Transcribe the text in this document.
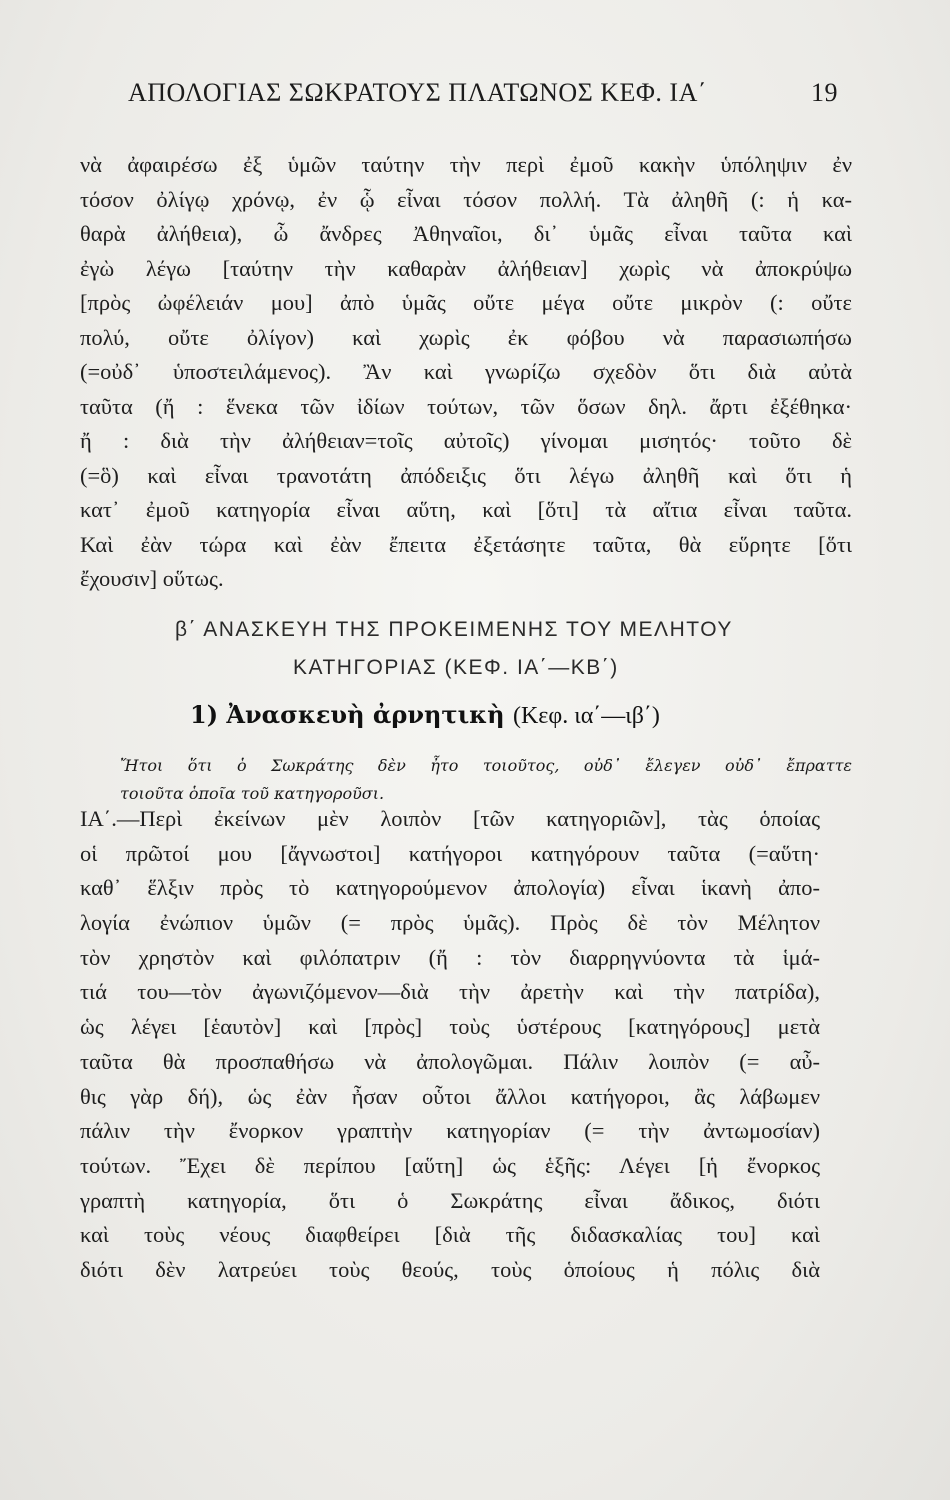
ΑΠΟΛΟΓΙΑΣ ΣΩΚΡΑΤΟΥΣ ΠΛΑΤΩΝΟΣ ΚΕΦ. ΙΑ΄	19
νὰ ἀφαιρέσω ἐξ ὑμῶν ταύτην τὴν περὶ ἐμοῦ κακὴν ὑπόληψιν ἐν
τόσον ὀλίγῳ χρόνῳ, ἐν ᾧ εἶναι τόσον πολλή. Τὰ ἀληθῆ (: ἡ κα-
θαρὰ ἀλήθεια), ὦ ἄνδρες Ἀθηναῖοι, δι᾽ ὑμᾶς εἶναι ταῦτα καὶ
ἐγὼ λέγω [ταύτην τὴν καθαρὰν ἀλήθειαν] χωρὶς νὰ ἀποκρύψω
[πρὸς ὠφέλειάν μου] ἀπὸ ὑμᾶς οὔτε μέγα οὔτε μικρὸν (: οὔτε
πολύ, οὔτε ὀλίγον) καὶ χωρὶς ἐκ φόβου νὰ παρασιωπήσω
(=οὐδ᾽ ὑποστειλάμενος). Ἂν καὶ γνωρίζω σχεδὸν ὅτι διὰ αὐτὰ
ταῦτα (ἤ : ἕνεκα τῶν ἰδίων τούτων, τῶν ὅσων δηλ. ἄρτι ἐξέθηκα·
ἤ : διὰ τὴν ἀλήθειαν=τοῖς αὐτοῖς) γίνομαι μισητός· τοῦτο δὲ
(=ὃ) καὶ εἶναι τρανοτάτη ἀπόδειξις ὅτι λέγω ἀληθῆ καὶ ὅτι ἡ
κατ᾽ ἐμοῦ κατηγορία εἶναι αὕτη, καὶ [ὅτι] τὰ αἴτια εἶναι ταῦτα.
Καὶ ἐὰν τώρα καὶ ἐὰν ἔπειτα ἐξετάσητε ταῦτα, θὰ εὕρητε [ὅτι
ἔχουσιν] οὕτως.
β΄ ΑΝΑΣΚΕΥΗ ΤΗΣ ΠΡΟΚΕΙΜΕΝΗΣ ΤΟΥ ΜΕΛΗΤΟΥ
ΚΑΤΗΓΟΡΙΑΣ (ΚΕΦ. ΙΑ΄—ΚΒ΄)
1) Ἀνασκευὴ ἀρνητικὴ (Κεφ. ια΄—ιβ΄)
Ἤτοι ὅτι ὁ Σωκράτης δὲν ἦτο τοιοῦτος, οὐδ᾽ ἔλεγεν οὐδ᾽ ἔπραττε
τοιοῦτα ὁποῖα τοῦ κατηγοροῦσι.
ΙΑ΄.—Περὶ ἐκείνων μὲν λοιπὸν [τῶν κατηγοριῶν], τὰς ὁποίας
οἱ πρῶτοί μου [ἄγνωστοι] κατήγοροι κατηγόρουν ταῦτα (=αὕτη·
καθ᾽ ἕλξιν πρὸς τὸ κατηγορούμενον ἀπολογία) εἶναι ἱκανὴ ἀπο-
λογία ἐνώπιον ὑμῶν (= πρὸς ὑμᾶς). Πρὸς δὲ τὸν Μέλητον
τὸν χρηστὸν καὶ φιλόπατριν (ἤ : τὸν διαρρηγνύοντα τὰ ἱμά-
τιά του—τὸν ἀγωνιζόμενον—διὰ τὴν ἀρετὴν καὶ τὴν πατρίδα),
ὡς λέγει [ἑαυτὸν] καὶ [πρὸς] τοὺς ὑστέρους [κατηγόρους] μετὰ
ταῦτα θὰ προσπαθήσω νὰ ἀπολογῶμαι. Πάλιν λοιπὸν (= αὖ-
θις γὰρ δή), ὡς ἐὰν ἦσαν οὗτοι ἄλλοι κατήγοροι, ἂς λάβωμεν
πάλιν τὴν ἔνορκον γραπτὴν κατηγορίαν (= τὴν ἀντωμοσίαν)
τούτων. Ἔχει δὲ περίπου [αὕτη] ὡς ἑξῆς: Λέγει [ἡ ἔνορκος
γραπτὴ κατηγορία, ὅτι ὁ Σωκράτης εἶναι ἄδικος, διότι
καὶ τοὺς νέους διαφθείρει [διὰ τῆς διδασκαλίας του] καὶ
διότι δὲν λατρεύει τοὺς θεούς, τοὺς ὁποίους ἡ πόλις διὰ
